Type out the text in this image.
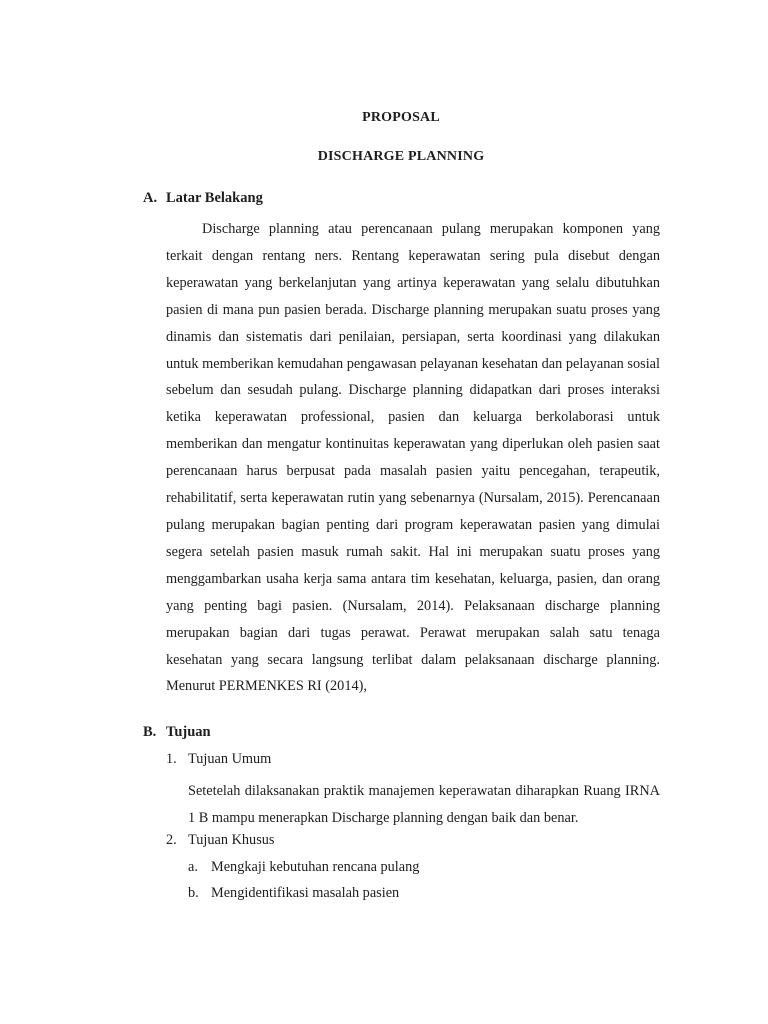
PROPOSAL
DISCHARGE PLANNING
A. Latar Belakang

Discharge planning atau perencanaan pulang merupakan komponen yang terkait dengan rentang ners. Rentang keperawatan sering pula disebut dengan keperawatan yang berkelanjutan yang artinya keperawatan yang selalu dibutuhkan pasien di mana pun pasien berada. Discharge planning merupakan suatu proses yang dinamis dan sistematis dari penilaian, persiapan, serta koordinasi yang dilakukan untuk memberikan kemudahan pengawasan pelayanan kesehatan dan pelayanan sosial sebelum dan sesudah pulang. Discharge planning didapatkan dari proses interaksi ketika keperawatan professional, pasien dan keluarga berkolaborasi untuk memberikan dan mengatur kontinuitas keperawatan yang diperlukan oleh pasien saat perencanaan harus berpusat pada masalah pasien yaitu pencegahan, terapeutik, rehabilitatif, serta keperawatan rutin yang sebenarnya (Nursalam, 2015). Perencanaan pulang merupakan bagian penting dari program keperawatan pasien yang dimulai segera setelah pasien masuk rumah sakit. Hal ini merupakan suatu proses yang menggambarkan usaha kerja sama antara tim kesehatan, keluarga, pasien, dan orang yang penting bagi pasien. (Nursalam, 2014). Pelaksanaan discharge planning merupakan bagian dari tugas perawat. Perawat merupakan salah satu tenaga kesehatan yang secara langsung terlibat dalam pelaksanaan discharge planning. Menurut PERMENKES RI (2014),

B. Tujuan
1. Tujuan Umum

Setetelah dilaksanakan praktik manajemen keperawatan diharapkan Ruang IRNA 1 B mampu menerapkan Discharge planning dengan baik dan benar.

2. Tujuan Khusus
a. Mengkaji kebutuhan rencana pulang
b. Mengidentifikasi masalah pasien
